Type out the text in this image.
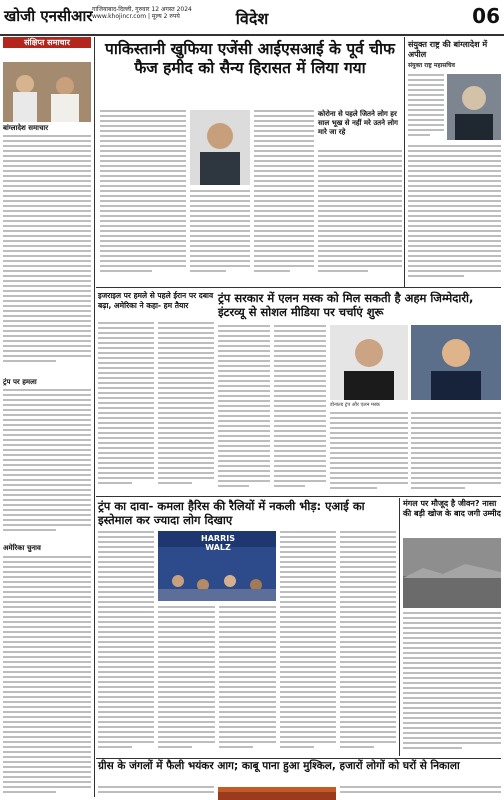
खोजी एनसीआर गाजियाबाद-दिल्ली, गुरुवार 12 अगस्त 2024
www.khojincr.com | मूल्य 2 रुपये	विदेश	06
संक्षिप्त समाचार
बांग्लादेश समाचार
ट्रंप पर हमला
अमेरिका चुनाव
पाकिस्तानी खुफिया एजेंसी आईएसआई के पूर्व चीफ फैज हमीद को सैन्य हिरासत में लिया गया
कोरोना से पहले जितने लोग हर साल भूख से नहीं मरे उतने लोग मारे जा रहे
संयुक्त राष्ट्र की बांग्लादेश में अपील
संयुक्त राष्ट्र महासचिव
इजराइल पर हमले से पहले ईरान पर दबाव बढ़ा, अमेरिका ने कहा- हम तैयार
ट्रंप सरकार में एलन मस्क को मिल सकती है अहम जिम्मेदारी, इंटरव्यू से सोशल मीडिया पर चर्चाएं शुरू
डोनाल्ड ट्रंप और एलन मस्क
ट्रंप का दावा- कमला हैरिस की रैलियों में नकली भीड़: एआई का इस्तेमाल कर ज्यादा लोग दिखाए
HARRIS WALZ
मंगल पर मौजूद है जीवन? नासा की बड़ी खोज के बाद जगी उम्मीद
ग्रीस के जंगलों में फैली भयंकर आग; काबू पाना हुआ मुश्किल, हजारों लोगों को घरों से निकाला
